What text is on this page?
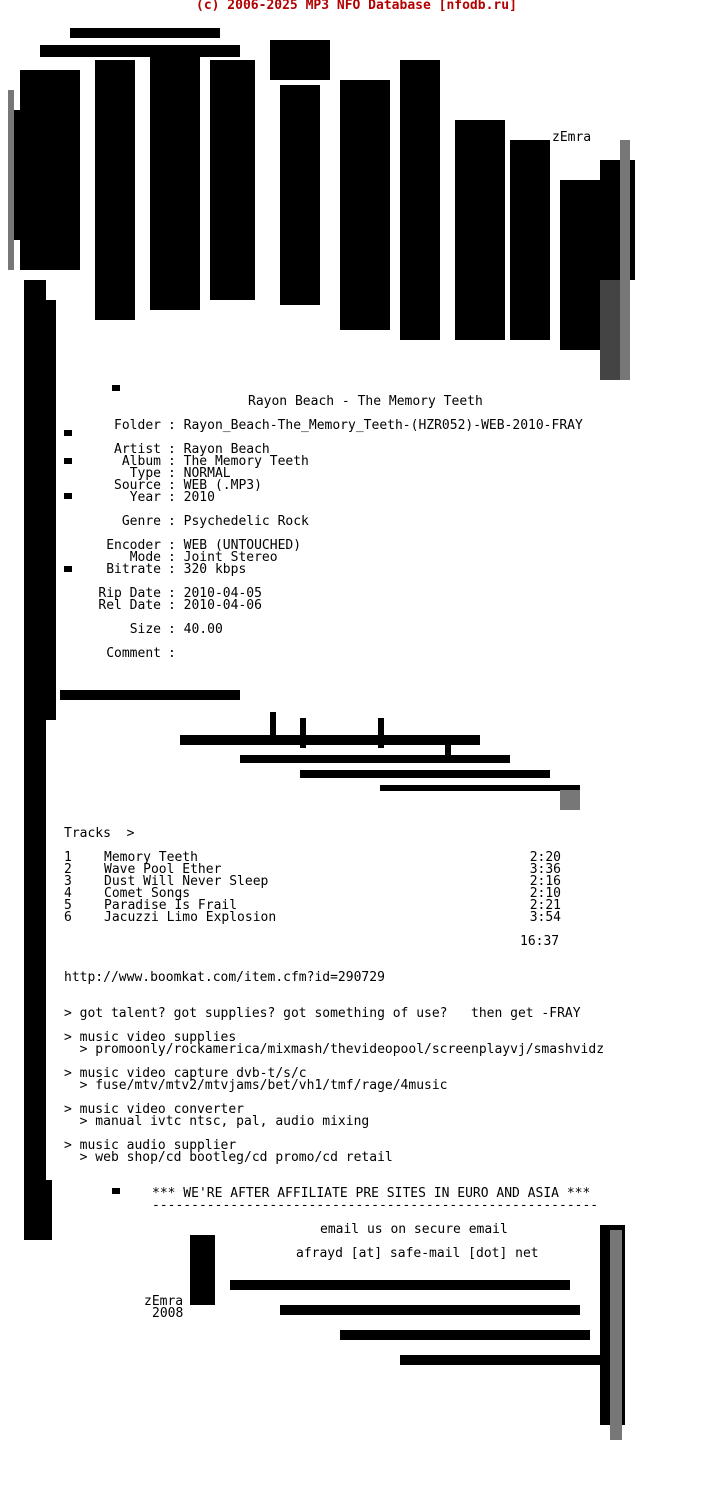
(c) 2006-2025 MP3 NFO Database [nfodb.ru]
zEmra
Rayon Beach - The Memory Teeth
Folder : Rayon_Beach-The_Memory_Teeth-(HZR052)-WEB-2010-FRAY
Artist : Rayon Beach
Album : The Memory Teeth
Type : NORMAL
Source : WEB (.MP3)
Year : 2010
Genre : Psychedelic Rock
Encoder : WEB (UNTOUCHED)
Mode : Joint Stereo
Bitrate : 320 kbps
Rip Date : 2010-04-05
Rel Date : 2010-04-06
Size : 40.00
Comment :
Tracks  >
1 Memory Teeth	2:20
2 Wave Pool Ether	3:36
3 Dust Will Never Sleep	2:16
4 Comet Songs	2:10
5 Paradise Is Frail	2:21
6 Jacuzzi Limo Explosion	3:54
16:37
http://www.boomkat.com/item.cfm?id=290729
> got talent? got supplies? got something of use?   then get -FRAY
> music video supplies
> promoonly/rockamerica/mixmash/thevideopool/screenplayvj/smashvidz
> music video capture dvb-t/s/c
> fuse/mtv/mtv2/mtvjams/bet/vh1/tmf/rage/4music
> music video converter
> manual ivtc ntsc, pal, audio mixing
> music audio supplier
> web shop/cd bootleg/cd promo/cd retail
*** WE'RE AFTER AFFILIATE PRE SITES IN EURO AND ASIA ***
---------------------------------------------------------
email us on secure email
afrayd [at] safe-mail [dot] net
zEmra
2008
